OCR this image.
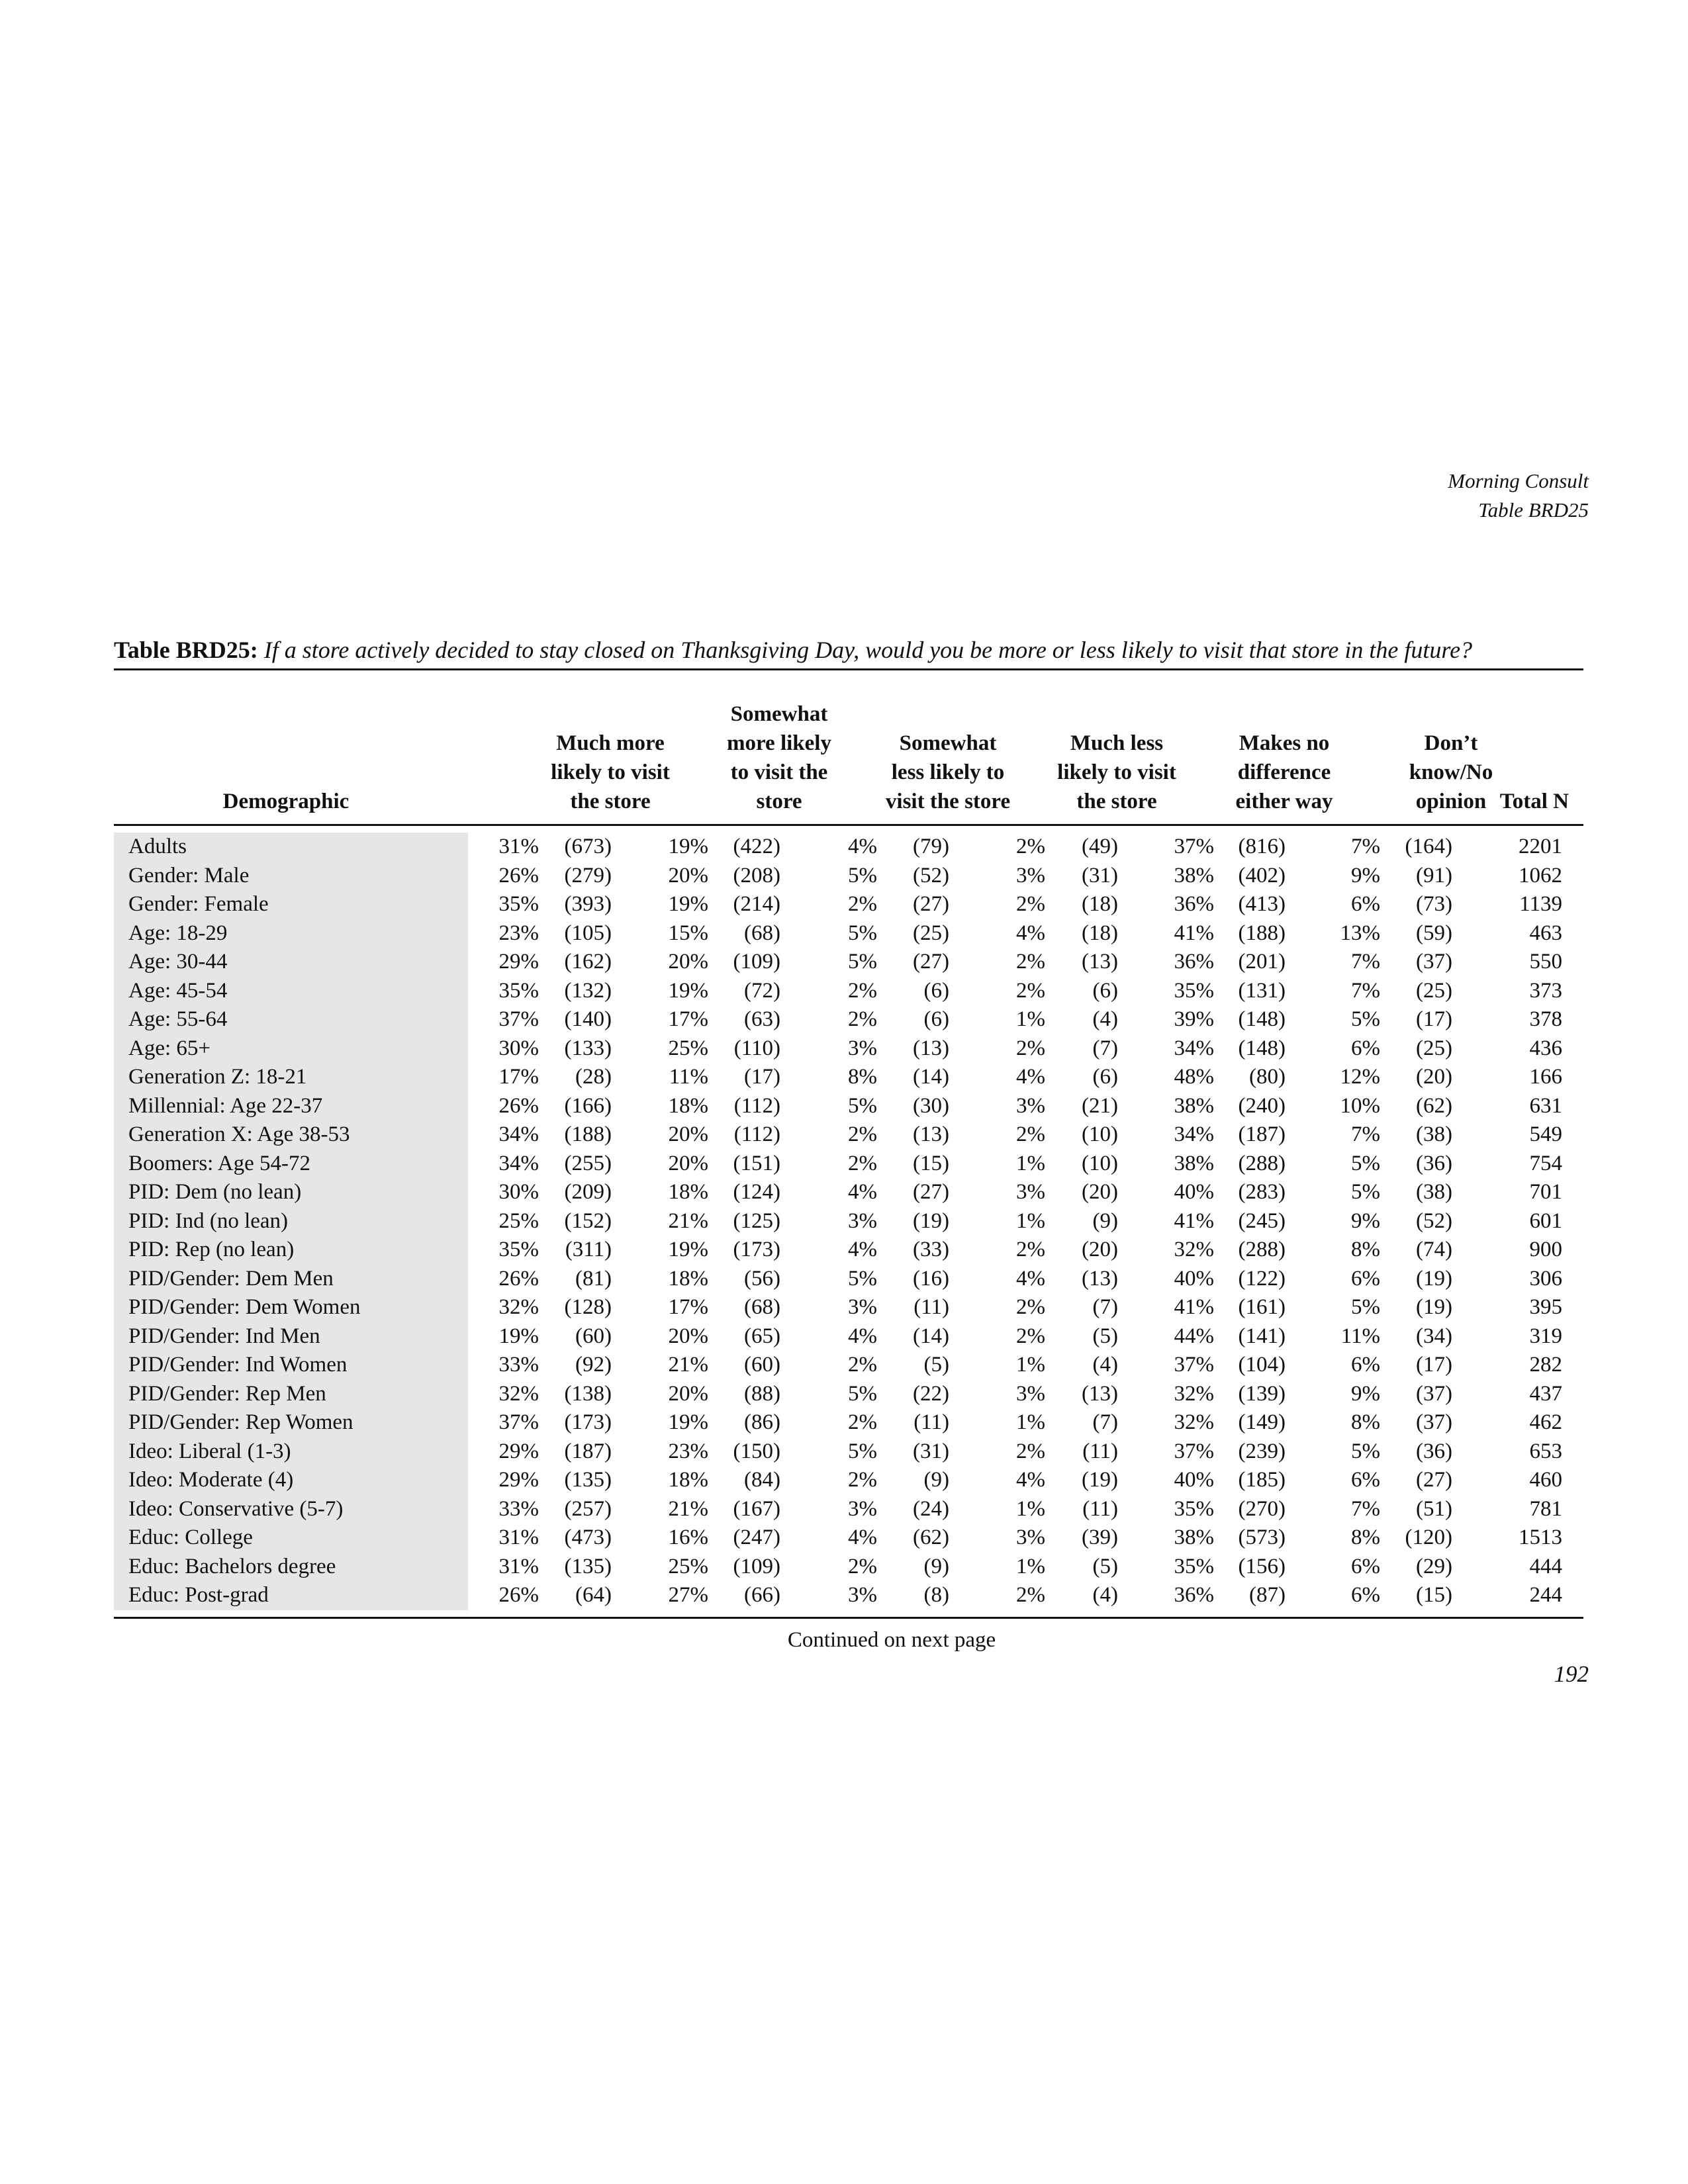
Morning Consult
Table BRD25
Table BRD25: If a store actively decided to stay closed on Thanksgiving Day, would you be more or less likely to visit that store in the future?
Demographic
Much more
likely to visit
the store
Somewhat
more likely
to visit the
store
Somewhat
less likely to
visit the store
Much less
likely to visit
the store
Makes no
difference
either way
Don’t
know/No
opinion Total N
Adults	31% (673)	19% (422)	4% (79)	2% (49)	37% (816)	7% (164)	2201
Gender: Male	26% (279)	20% (208)	5% (52)	3% (31)	38% (402)	9% (91)	1062
Gender: Female	35% (393)	19% (214)	2% (27)	2% (18)	36% (413)	6% (73)	1139
Age: 18-29	23% (105)	15% (68)	5% (25)	4% (18)	41% (188)	13% (59)	463
Age: 30-44	29% (162)	20% (109)	5% (27)	2% (13)	36% (201)	7% (37)	550
Age: 45-54	35% (132)	19% (72)	2% (6)	2% (6)	35% (131)	7% (25)	373
Age: 55-64	37% (140)	17% (63)	2% (6)	1% (4)	39% (148)	5% (17)	378
Age: 65+	30% (133)	25% (110)	3% (13)	2% (7)	34% (148)	6% (25)	436
Generation Z: 18-21	17% (28)	11% (17)	8% (14)	4% (6)	48% (80)	12% (20)	166
Millennial: Age 22-37	26% (166)	18% (112)	5% (30)	3% (21)	38% (240)	10% (62)	631
Generation X: Age 38-53	34% (188)	20% (112)	2% (13)	2% (10)	34% (187)	7% (38)	549
Boomers: Age 54-72	34% (255)	20% (151)	2% (15)	1% (10)	38% (288)	5% (36)	754
PID: Dem (no lean)	30% (209)	18% (124)	4% (27)	3% (20)	40% (283)	5% (38)	701
PID: Ind (no lean)	25% (152)	21% (125)	3% (19)	1% (9)	41% (245)	9% (52)	601
PID: Rep (no lean)	35% (311)	19% (173)	4% (33)	2% (20)	32% (288)	8% (74)	900
PID/Gender: Dem Men	26% (81)	18% (56)	5% (16)	4% (13)	40% (122)	6% (19)	306
PID/Gender: Dem Women	32% (128)	17% (68)	3% (11)	2% (7)	41% (161)	5% (19)	395
PID/Gender: Ind Men	19% (60)	20% (65)	4% (14)	2% (5)	44% (141)	11% (34)	319
PID/Gender: Ind Women	33% (92)	21% (60)	2% (5)	1% (4)	37% (104)	6% (17)	282
PID/Gender: Rep Men	32% (138)	20% (88)	5% (22)	3% (13)	32% (139)	9% (37)	437
PID/Gender: Rep Women	37% (173)	19% (86)	2% (11)	1% (7)	32% (149)	8% (37)	462
Ideo: Liberal (1-3)	29% (187)	23% (150)	5% (31)	2% (11)	37% (239)	5% (36)	653
Ideo: Moderate (4)	29% (135)	18% (84)	2% (9)	4% (19)	40% (185)	6% (27)	460
Ideo: Conservative (5-7)	33% (257)	21% (167)	3% (24)	1% (11)	35% (270)	7% (51)	781
Educ: College	31% (473)	16% (247)	4% (62)	3% (39)	38% (573)	8% (120)	1513
Educ: Bachelors degree	31% (135)	25% (109)	2% (9)	1% (5)	35% (156)	6% (29)	444
Educ: Post-grad	26% (64)	27% (66)	3% (8)	2% (4)	36% (87)	6% (15)	244
Continued on next page
192
